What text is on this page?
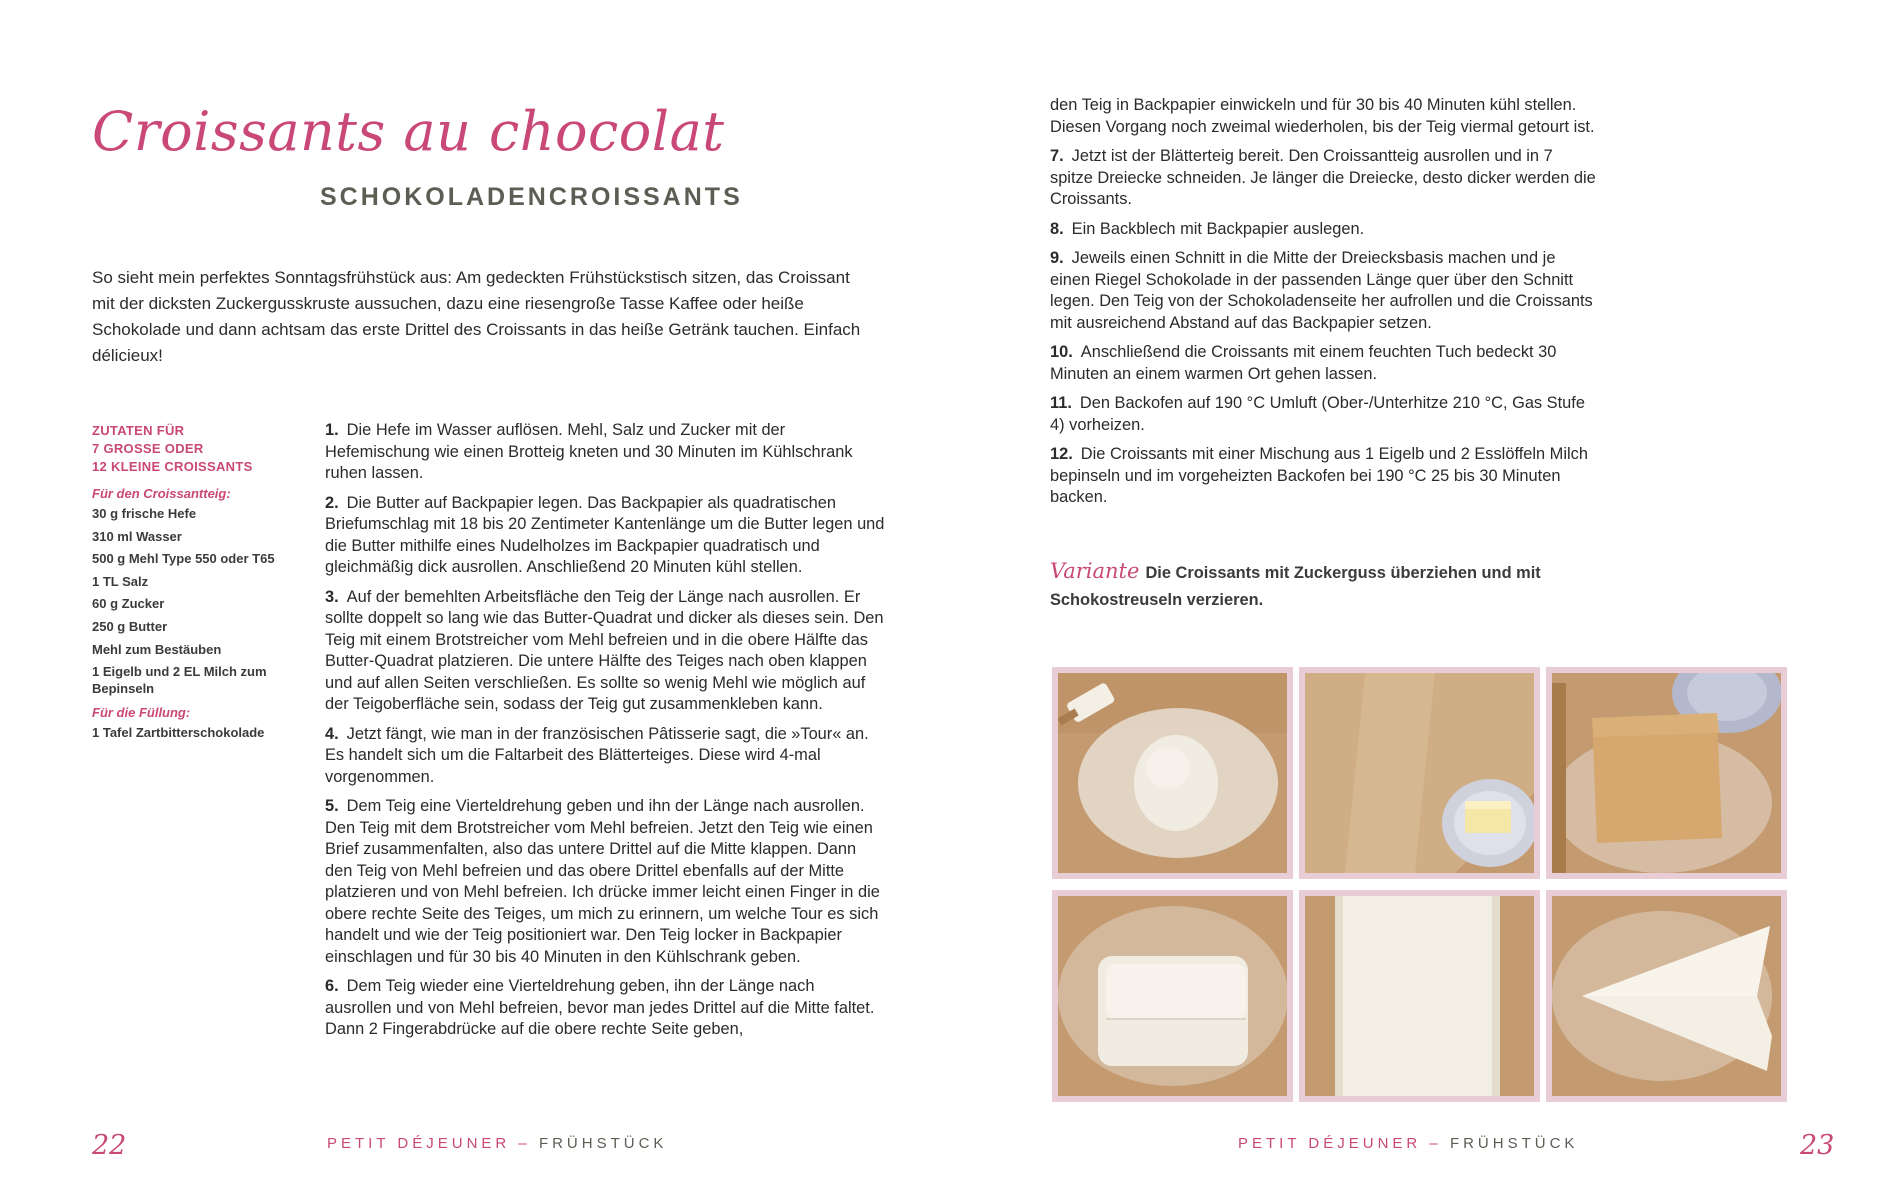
Croissants au chocolat
SCHOKOLADENCROISSANTS

So sieht mein perfektes Sonntagsfrühstück aus: Am gedeckten Frühstückstisch sitzen, das Croissant mit der dicksten Zuckergusskruste aussuchen, dazu eine riesengroße Tasse Kaffee oder heiße Schokolade und dann achtsam das erste Drittel des Croissants in das heiße Getränk tauchen. Einfach délicieux!

ZUTATEN FÜR
7 GROSSE ODER
12 KLEINE CROISSANTS
Für den Croissantteig:
30 g frische Hefe
310 ml Wasser
500 g Mehl Type 550 oder T65
1 TL Salz
60 g Zucker
250 g Butter
Mehl zum Bestäuben
1 Eigelb und 2 EL Milch zum Bepinseln
Für die Füllung:
1 Tafel Zartbitterschokolade

1. Die Hefe im Wasser auflösen. Mehl, Salz und Zucker mit der Hefemischung wie einen Brotteig kneten und 30 Minuten im Kühlschrank ruhen lassen.

2. Die Butter auf Backpapier legen. Das Backpapier als quadratischen Briefumschlag mit 18 bis 20 Zentimeter Kantenlänge um die Butter legen und die Butter mithilfe eines Nudelholzes im Backpapier quadratisch und gleichmäßig dick ausrollen. Anschließend 20 Minuten kühl stellen.

3. Auf der bemehlten Arbeitsfläche den Teig der Länge nach ausrollen. Er sollte doppelt so lang wie das Butter-Quadrat und dicker als dieses sein. Den Teig mit einem Brotstreicher vom Mehl befreien und in die obere Hälfte das Butter-Quadrat platzieren. Die untere Hälfte des Teiges nach oben klappen und auf allen Seiten verschließen. Es sollte so wenig Mehl wie möglich auf der Teigoberfläche sein, sodass der Teig gut zusammenkleben kann.

4. Jetzt fängt, wie man in der französischen Pâtisserie sagt, die »Tour« an. Es handelt sich um die Faltarbeit des Blätterteiges. Diese wird 4-mal vorgenommen.

5. Dem Teig eine Vierteldrehung geben und ihn der Länge nach ausrollen. Den Teig mit dem Brotstreicher vom Mehl befreien. Jetzt den Teig wie einen Brief zusammenfalten, also das untere Drittel auf die Mitte klappen. Dann den Teig von Mehl befreien und das obere Drittel ebenfalls auf der Mitte platzieren und von Mehl befreien. Ich drücke immer leicht einen Finger in die obere rechte Seite des Teiges, um mich zu erinnern, um welche Tour es sich handelt und wie der Teig positioniert war. Den Teig locker in Backpapier einschlagen und für 30 bis 40 Minuten in den Kühlschrank geben.

6. Dem Teig wieder eine Vierteldrehung geben, ihn der Länge nach ausrollen und von Mehl befreien, bevor man jedes Drittel auf die Mitte faltet. Dann 2 Fingerabdrücke auf die obere rechte Seite geben,

22	PETIT DÉJEUNER – FRÜHSTÜCK

den Teig in Backpapier einwickeln und für 30 bis 40 Minuten kühl stellen. Diesen Vorgang noch zweimal wiederholen, bis der Teig viermal getourt ist.

7. Jetzt ist der Blätterteig bereit. Den Croissantteig ausrollen und in 7 spitze Dreiecke schneiden. Je länger die Dreiecke, desto dicker werden die Croissants.

8. Ein Backblech mit Backpapier auslegen.

9. Jeweils einen Schnitt in die Mitte der Dreiecksbasis machen und je einen Riegel Schokolade in der passenden Länge quer über den Schnitt legen. Den Teig von der Schokoladenseite her aufrollen und die Croissants mit ausreichend Abstand auf das Backpapier setzen.

10. Anschließend die Croissants mit einem feuchten Tuch bedeckt 30 Minuten an einem warmen Ort gehen lassen.

11. Den Backofen auf 190 °C Umluft (Ober-/Unterhitze 210 °C, Gas Stufe 4) vorheizen.

12. Die Croissants mit einer Mischung aus 1 Eigelb und 2 Esslöffeln Milch bepinseln und im vorgeheizten Backofen bei 190 °C 25 bis 30 Minuten backen.

Variante Die Croissants mit Zuckerguss überziehen und mit Schokostreuseln verzieren.

PETIT DÉJEUNER – FRÜHSTÜCK	23
